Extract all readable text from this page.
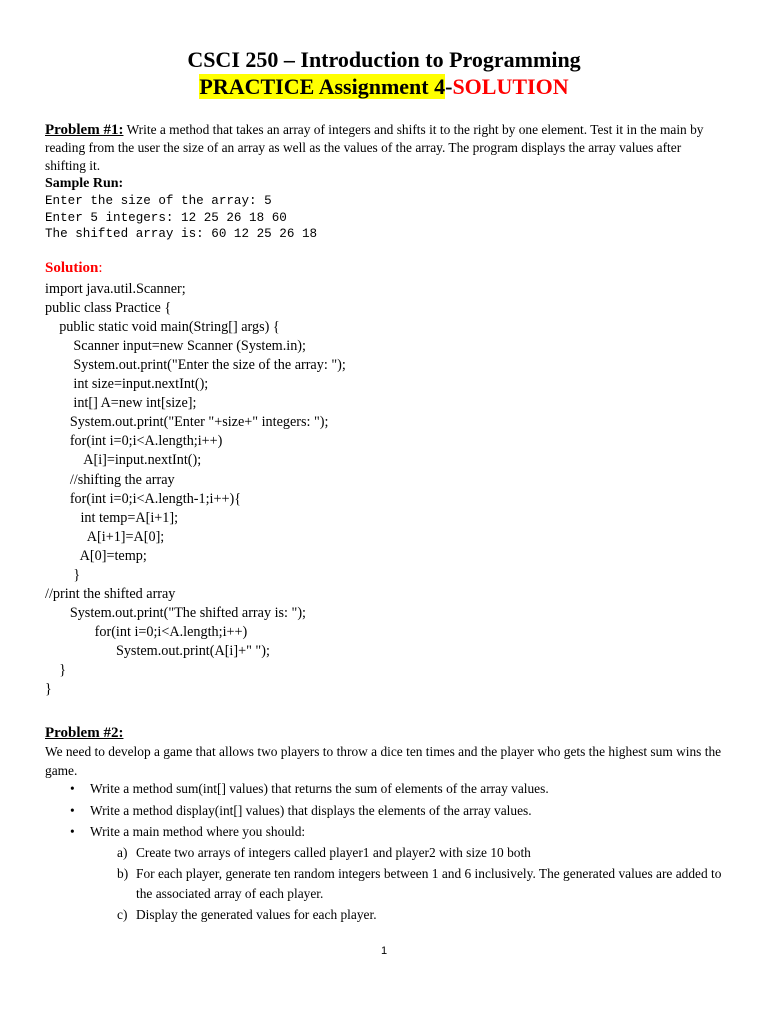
CSCI 250 – Introduction to Programming
PRACTICE Assignment 4-SOLUTION
Problem #1: Write a method that takes an array of integers and shifts it to the right by one element. Test it in the main by reading from the user the size of an array as well as the values of the array. The program displays the array values after shifting it.
Sample Run:
Enter the size of the array: 5
Enter 5 integers: 12 25 26 18 60
The shifted array is: 60 12 25 26 18
Solution:
import java.util.Scanner;
public class Practice {
public static void main(String[] args) {
Scanner input=new Scanner (System.in);
System.out.print("Enter the size of the array: ");
int size=input.nextInt();
int[] A=new int[size];
System.out.print("Enter "+size+" integers: ");
for(int i=0;i<A.length;i++)
A[i]=input.nextInt();
//shifting the array
for(int i=0;i<A.length-1;i++){
int temp=A[i+1];
A[i+1]=A[0];
A[0]=temp;
}
//print the shifted array
System.out.print("The shifted array is: ");
for(int i=0;i<A.length;i++)
System.out.print(A[i]+" ");
}
}
Problem #2:
We need to develop a game that allows two players to throw a dice ten times and the player who gets the highest sum wins the game.
• Write a method sum(int[] values) that returns the sum of elements of the array values.
• Write a method display(int[] values) that displays the elements of the array values.
• Write a main method where you should:
a) Create two arrays of integers called player1 and player2 with size 10 both
b) For each player, generate ten random integers between 1 and 6 inclusively. The generated values are added to the associated array of each player.
c) Display the generated values for each player.
1
